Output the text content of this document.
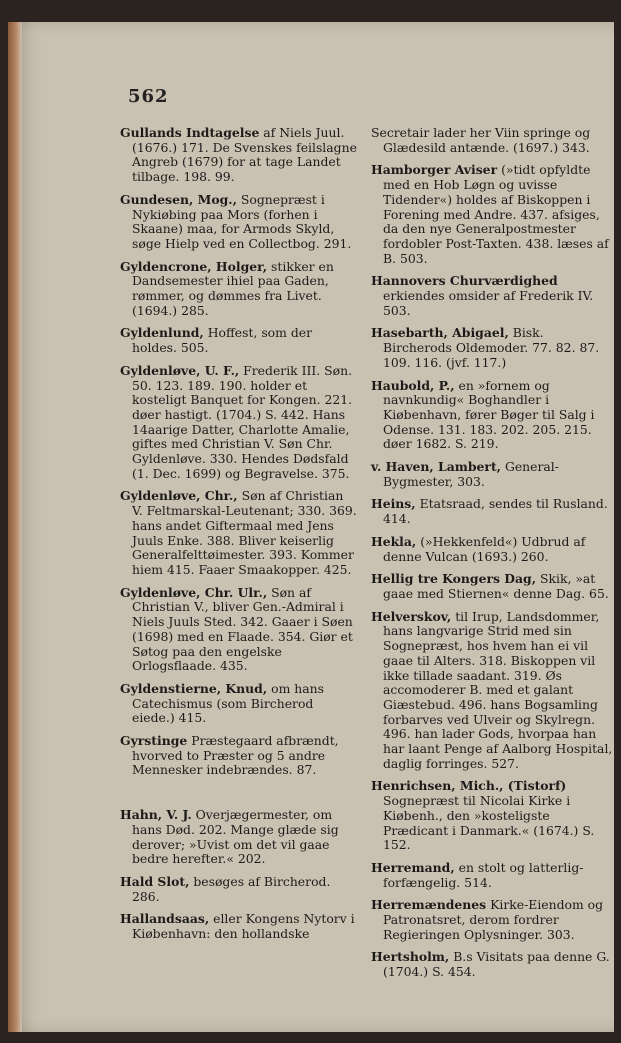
562
Gullands Indtagelse af Niels Juul. (1676.) 171. De Svenskes feilslagne Angreb (1679) for at tage Landet tilbage. 198. 99.
Gundesen, Mog., Sognepræst i Nykiøbing paa Mors (forhen i Skaane) maa, for Armods Skyld, søge Hielp ved en Collectbog. 291.
Gyldencrone, Holger, stikker en Dandsemester ihiel paa Gaden, rømmer, og dømmes fra Livet. (1694.) 285.
Gyldenlund, Hoffest, som der holdes. 505.
Gyldenløve, U. F., Frederik III. Søn. 50. 123. 189. 190. holder et kosteligt Banquet for Kongen. 221. døer hastigt. (1704.) S. 442. Hans 14aarige Datter, Charlotte Amalie, giftes med Christian V. Søn Chr. Gyldenløve. 330. Hendes Dødsfald (1. Dec. 1699) og Begravelse. 375.
Gyldenløve, Chr., Søn af Christian V. Feltmarskal-Leutenant; 330. 369. hans andet Giftermaal med Jens Juuls Enke. 388. Bliver keiserlig Generalfelttøimester. 393. Kommer hiem 415. Faaer Smaakopper. 425.
Gyldenløve, Chr. Ulr., Søn af Christian V., bliver Gen.-Admiral i Niels Juuls Sted. 342. Gaaer i Søen (1698) med en Flaade. 354. Giør et Søtog paa den engelske Orlogsflaade. 435.
Gyldenstierne, Knud, om hans Catechismus (som Bircherod eiede.) 415.
Gyrstinge Præstegaard afbrændt, hvorved to Præster og 5 andre Mennesker indebrændes. 87.
Hahn, V. J. Overjægermester, om hans Død. 202. Mange glæde sig derover; »Uvist om det vil gaae bedre herefter.« 202.
Hald Slot, besøges af Bircherod. 286.
Hallandsaas, eller Kongens Nytorv i Kiøbenhavn: den hollandske
Secretair lader her Viin springe og Glædesild antænde. (1697.) 343.
Hamborger Aviser (»tidt opfyldte med en Hob Løgn og uvisse Tidender«) holdes af Biskoppen i Forening med Andre. 437. afsiges, da den nye Generalpostmester fordobler Post-Taxten. 438. læses af B. 503.
Hannovers Churværdighed erkiendes omsider af Frederik IV. 503.
Hasebarth, Abigael, Bisk. Bircherods Oldemoder. 77. 82. 87. 109. 116. (jvf. 117.)
Haubold, P., en »fornem og navnkundig« Boghandler i Kiøbenhavn, fører Bøger til Salg i Odense. 131. 183. 202. 205. 215. døer 1682. S. 219.
v. Haven, Lambert, General-Bygmester, 303.
Heins, Etatsraad, sendes til Rusland. 414.
Hekla, (»Hekkenfeld«) Udbrud af denne Vulcan (1693.) 260.
Hellig tre Kongers Dag, Skik, »at gaae med Stiernen« denne Dag. 65.
Helverskov, til Irup, Landsdommer, hans langvarige Strid med sin Sognepræst, hos hvem han ei vil gaae til Alters. 318. Biskoppen vil ikke tillade saadant. 319. Øs accomoderer B. med et galant Giæstebud. 496. hans Bogsamling forbarves ved Ulveir og Skylregn. 496. han lader Gods, hvorpaa han har laant Penge af Aalborg Hospital, daglig forringes. 527.
Henrichsen, Mich., (Tistorf) Sognepræst til Nicolai Kirke i Kiøbenh., den »kosteligste Prædicant i Danmark.« (1674.) S. 152.
Herremand, en stolt og latterlig-forfængelig. 514.
Herremændenes Kirke-Eiendom og Patronatsret, derom fordrer Regieringen Oplysninger. 303.
Hertsholm, B.s Visitats paa denne G. (1704.) S. 454.
